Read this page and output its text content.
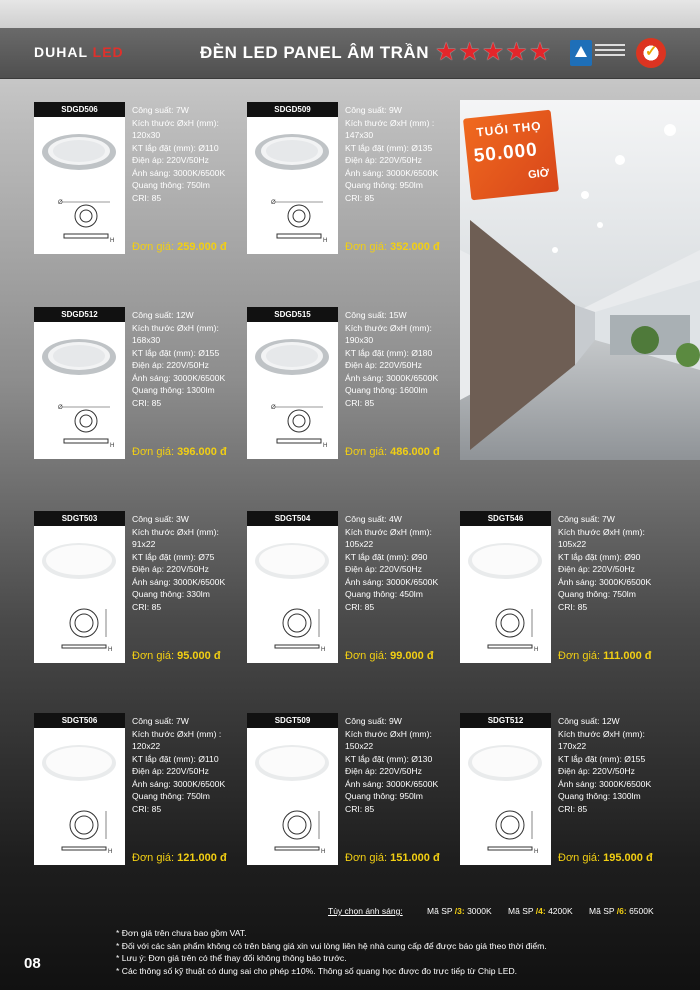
DUHAL LED	ĐÈN LED PANEL ÂM TRẦN ★ ★ ★ ★ ★
✓
TUỔI THỌ
50.000
GIỜ
SDGD506
Ø
H
Công suất: 7W
Kích thước ØxH (mm):
120x30
KT lắp đặt (mm): Ø110
Điện áp: 220V/50Hz
Ánh sáng: 3000K/6500K
Quang thông: 750lm
CRI: 85
Đơn giá: 259.000 đ
SDGD509
Ø
H
Công suất: 9W
Kích thước ØxH (mm) :
147x30
KT lắp đặt (mm): Ø135
Điện áp: 220V/50Hz
Ánh sáng: 3000K/6500K
Quang thông: 950lm
CRI: 85
Đơn giá: 352.000 đ
SDGD512
Ø
H
Công suất: 12W
Kích thước ØxH (mm):
168x30
KT lắp đặt (mm): Ø155
Điện áp: 220V/50Hz
Ánh sáng: 3000K/6500K
Quang thông: 1300lm
CRI: 85
Đơn giá: 396.000 đ
SDGD515
Ø
H
Công suất: 15W
Kích thước ØxH (mm):
190x30
KT lắp đặt (mm): Ø180
Điện áp: 220V/50Hz
Ánh sáng: 3000K/6500K
Quang thông: 1600lm
CRI: 85
Đơn giá: 486.000 đ
SDGT503
H
Công suất: 3W
Kích thước ØxH (mm):
91x22
KT lắp đặt (mm): Ø75
Điện áp: 220V/50Hz
Ánh sáng: 3000K/6500K
Quang thông: 330lm
CRI: 85
Đơn giá: 95.000 đ
SDGT504
H
Công suất: 4W
Kích thước ØxH (mm):
105x22
KT lắp đặt (mm): Ø90
Điện áp: 220V/50Hz
Ánh sáng: 3000K/6500K
Quang thông: 450lm
CRI: 85
Đơn giá: 99.000 đ
SDGT546
H
Công suất: 7W
Kích thước ØxH (mm):
105x22
KT lắp đặt (mm): Ø90
Điện áp: 220V/50Hz
Ánh sáng: 3000K/6500K
Quang thông: 750lm
CRI: 85
Đơn giá: 111.000 đ
SDGT506
H
Công suất: 7W
Kích thước ØxH (mm) :
120x22
KT lắp đặt (mm): Ø110
Điện áp: 220V/50Hz
Ánh sáng: 3000K/6500K
Quang thông: 750lm
CRI: 85
Đơn giá: 121.000 đ
SDGT509
H
Công suất: 9W
Kích thước ØxH (mm):
150x22
KT lắp đặt (mm): Ø130
Điện áp: 220V/50Hz
Ánh sáng: 3000K/6500K
Quang thông: 950lm
CRI: 85
Đơn giá: 151.000 đ
SDGT512
H
Công suất: 12W
Kích thước ØxH (mm):
170x22
KT lắp đặt (mm): Ø155
Điện áp: 220V/50Hz
Ánh sáng: 3000K/6500K
Quang thông: 1300lm
CRI: 85
Đơn giá: 195.000 đ
Tùy chọn ánh sáng:	Mã SP /3: 3000K Mã SP /4: 4200K Mã SP /6: 6500K
* Đơn giá trên chưa bao gồm VAT.
* Đối với các sản phẩm không có trên bảng giá xin vui lòng liên hệ nhà cung cấp để được báo giá theo thời điểm.
* Lưu ý: Đơn giá trên có thể thay đổi không thông báo trước.
* Các thông số kỹ thuật có dung sai cho phép ±10%. Thông số quang học được đo trực tiếp từ Chip LED.
08
